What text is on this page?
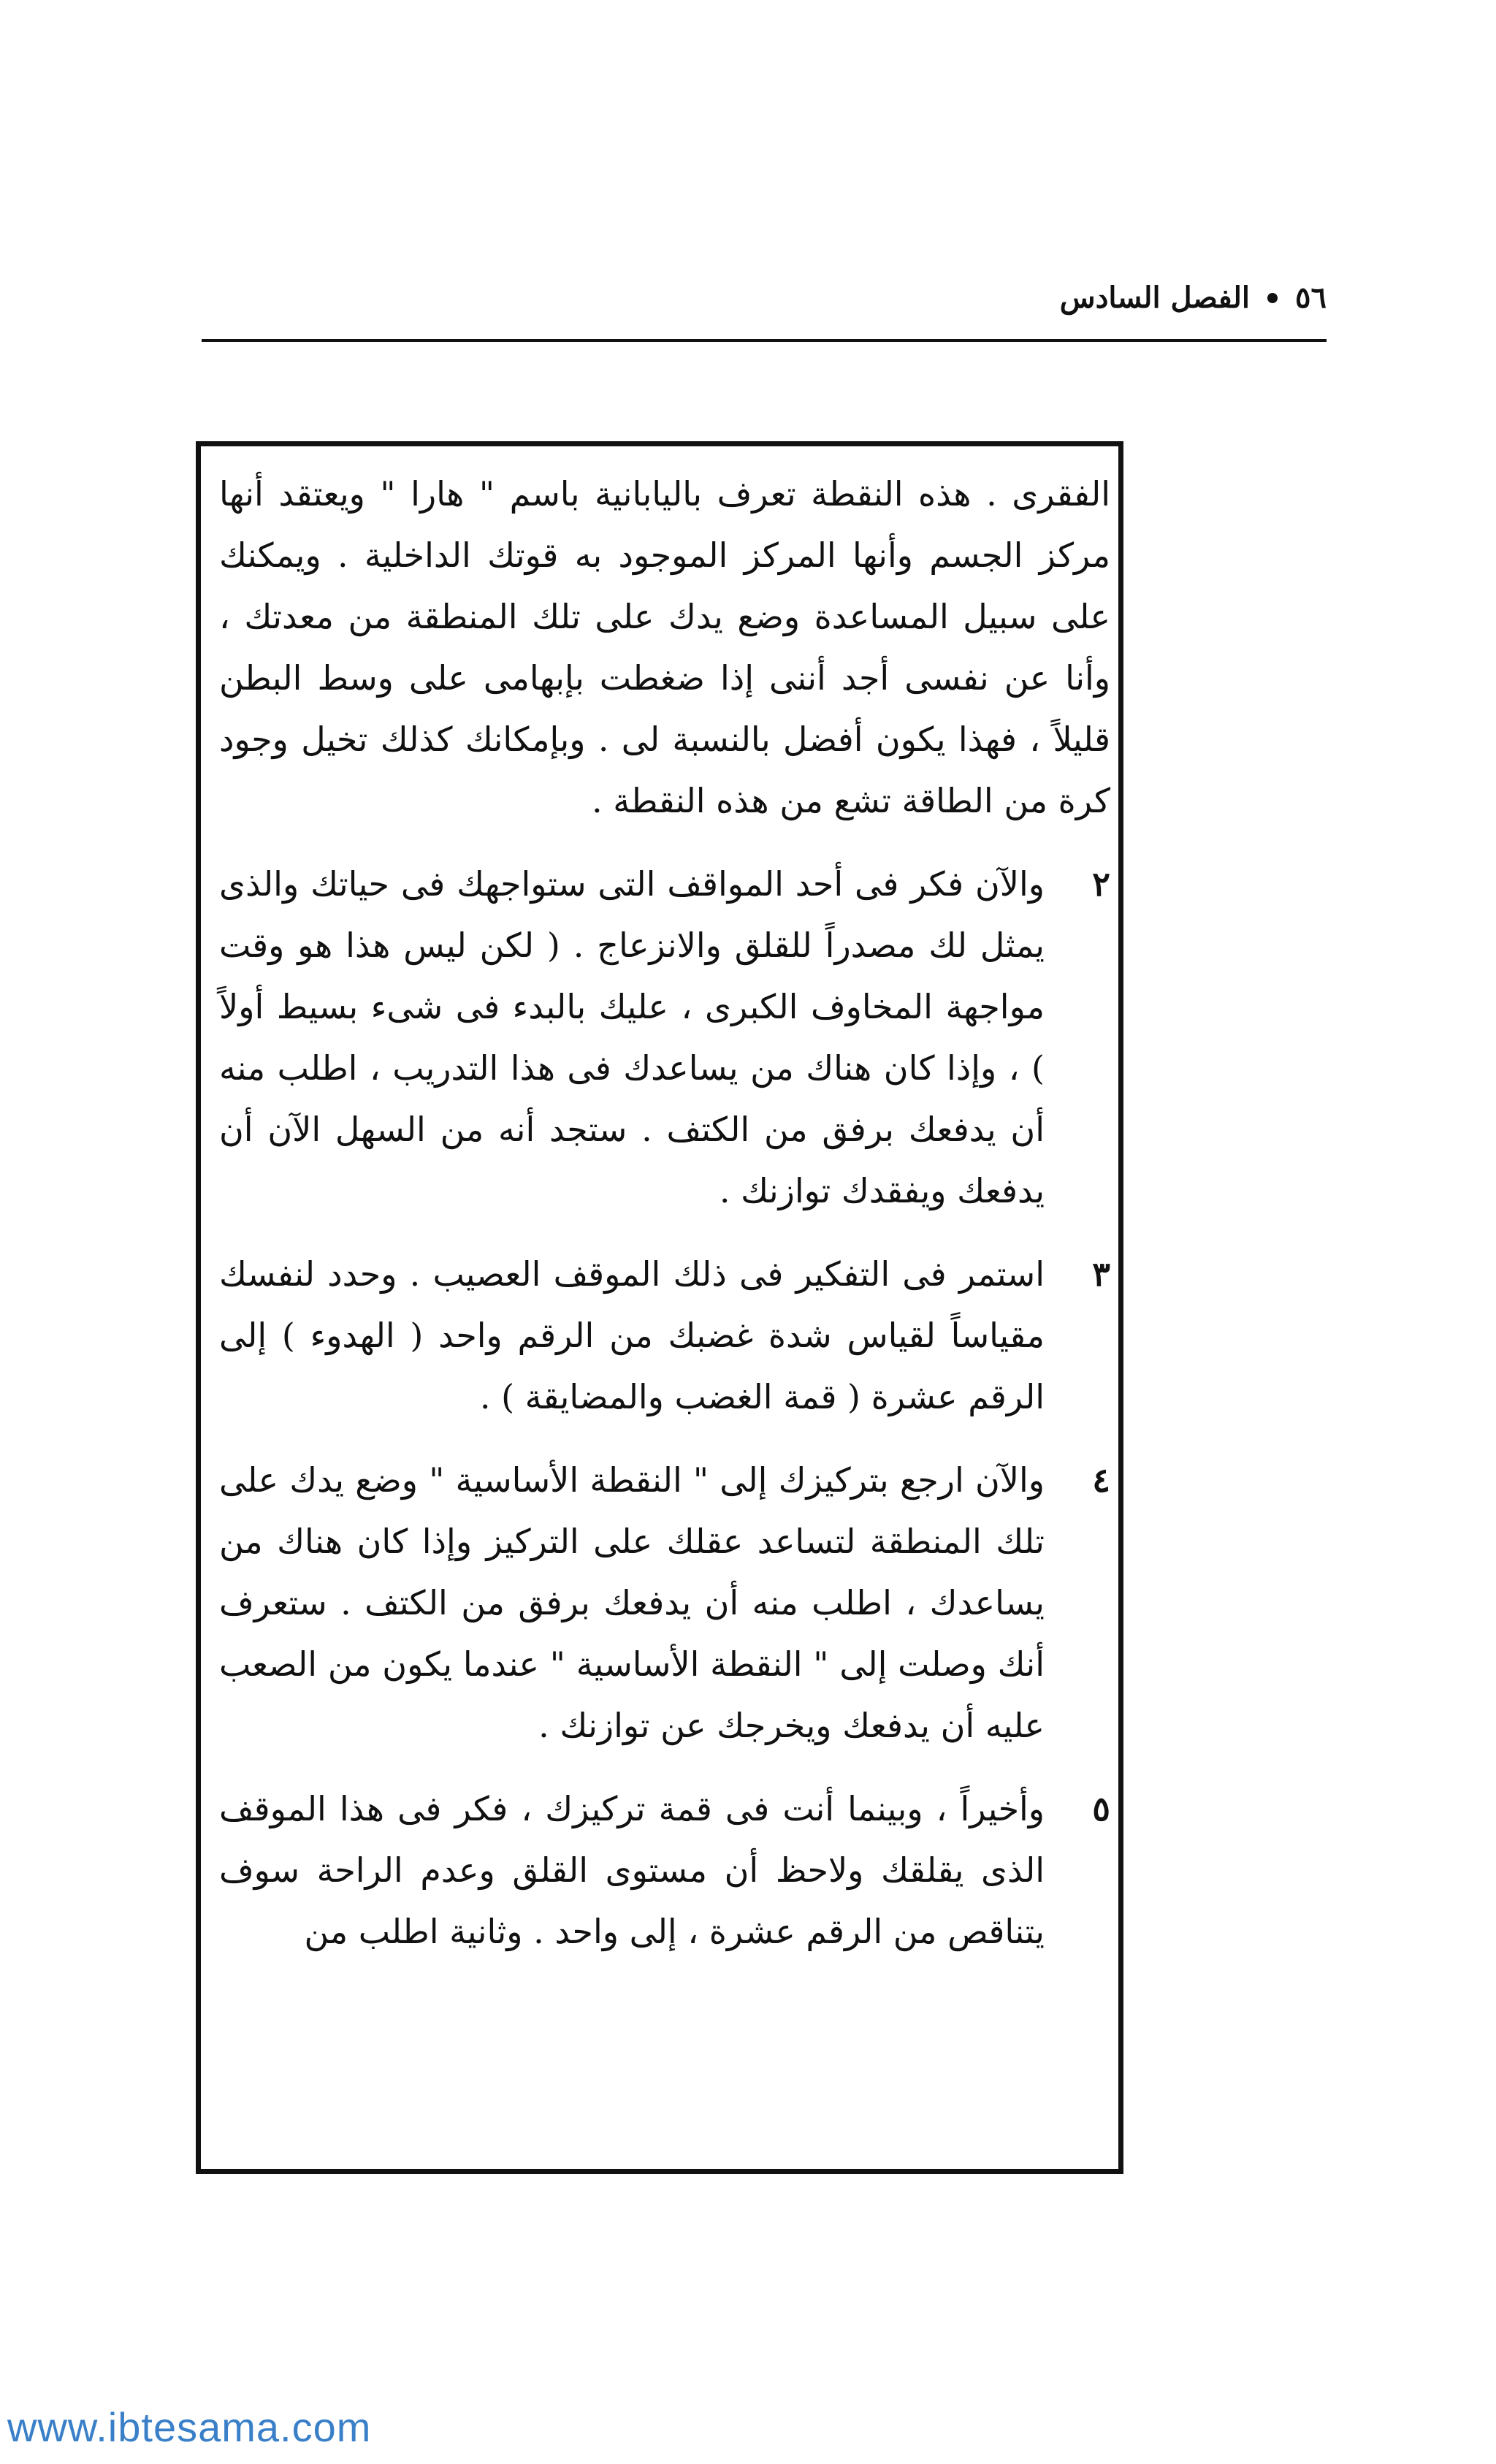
٥٦
الفصل السادس

الفقرى . هذه النقطة تعرف باليابانية باسم " هارا " ويعتقد أنها مركز الجسم وأنها المركز الموجود به قوتك الداخلية . ويمكنك على سبيل المساعدة وضع يدك على تلك المنطقة من معدتك ، وأنا عن نفسى أجد أننى إذا ضغطت بإبهامى على وسط البطن قليلاً ، فهذا يكون أفضل بالنسبة لى . وبإمكانك كذلك تخيل وجود كرة من الطاقة تشع من هذه النقطة .

٢
والآن فكر فى أحد المواقف التى ستواجهك فى حياتك والذى يمثل لك مصدراً للقلق والانزعاج . ( لكن ليس هذا هو وقت مواجهة المخاوف الكبرى ، عليك بالبدء فى شىء بسيط أولاً ) ، وإذا كان هناك من يساعدك فى هذا التدريب ، اطلب منه أن يدفعك برفق من الكتف . ستجد أنه من السهل الآن أن يدفعك ويفقدك توازنك .
٣
استمر فى التفكير فى ذلك الموقف العصيب . وحدد لنفسك مقياساً لقياس شدة غضبك من الرقم واحد ( الهدوء ) إلى الرقم عشرة ( قمة الغضب والمضايقة ) .
٤
والآن ارجع بتركيزك إلى " النقطة الأساسية " وضع يدك على تلك المنطقة لتساعد عقلك على التركيز وإذا كان هناك من يساعدك ، اطلب منه أن يدفعك برفق من الكتف . ستعرف أنك وصلت إلى " النقطة الأساسية " عندما يكون من الصعب عليه أن يدفعك ويخرجك عن توازنك .
٥
وأخيراً ، وبينما أنت فى قمة تركيزك ، فكر فى هذا الموقف الذى يقلقك ولاحظ أن مستوى القلق وعدم الراحة سوف يتناقص من الرقم عشرة ، إلى واحد . وثانية اطلب من
www.ibtesama.com
